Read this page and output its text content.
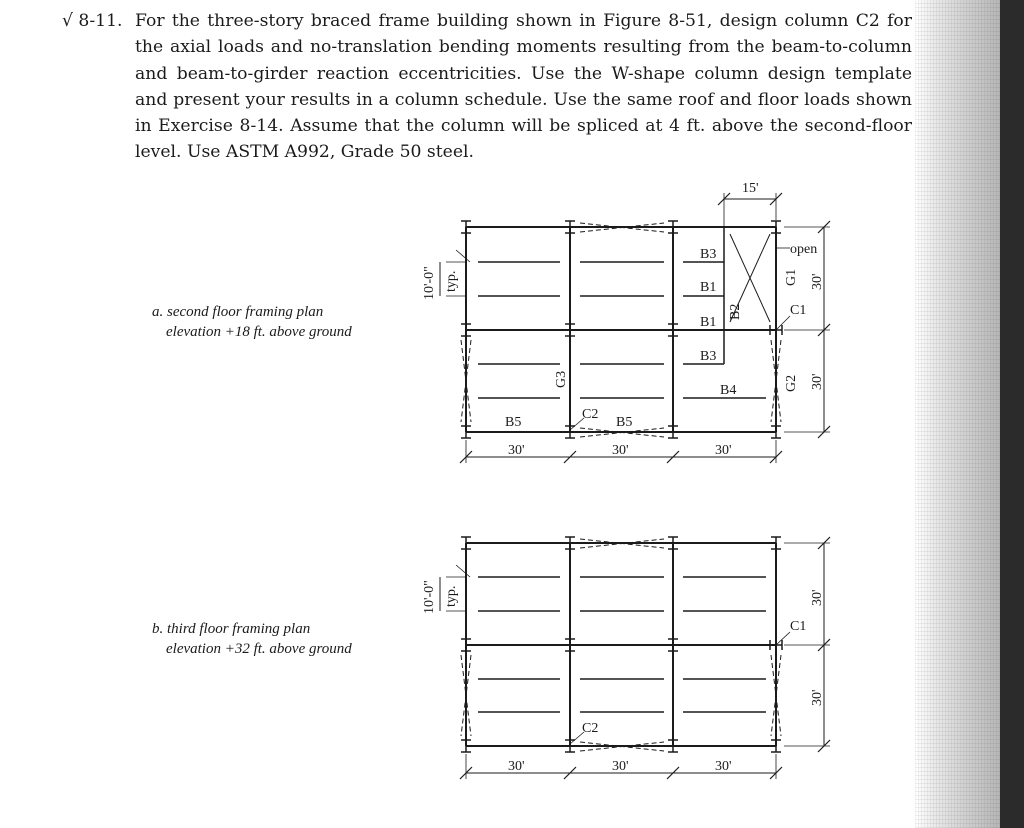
√ 8-11. For the three-story braced frame building shown in Figure 8-51, design column C2 for the axial loads and no-translation bending moments resulting from the beam-to-column and beam-to-girder reaction eccentricities. Use the W-shape column design template and present your results in a column schedule. Use the same roof and floor loads shown in Exercise 8-14. Assume that the column will be spliced at 4 ft. above the second-floor level. Use ASTM A992, Grade 50 steel.
a. second floor framing plan
elevation +18 ft. above ground
b. third floor framing plan
elevation +32 ft. above ground
B3
B1
B1
B3
B2
B4
B5	B5
G3
G1
G2
C1
C2
open
15'
30'	30'	30'
30'
30'
10'-0" typ.
C1
C2
30'	30'	30'
30'
30'
10'-0" typ.
